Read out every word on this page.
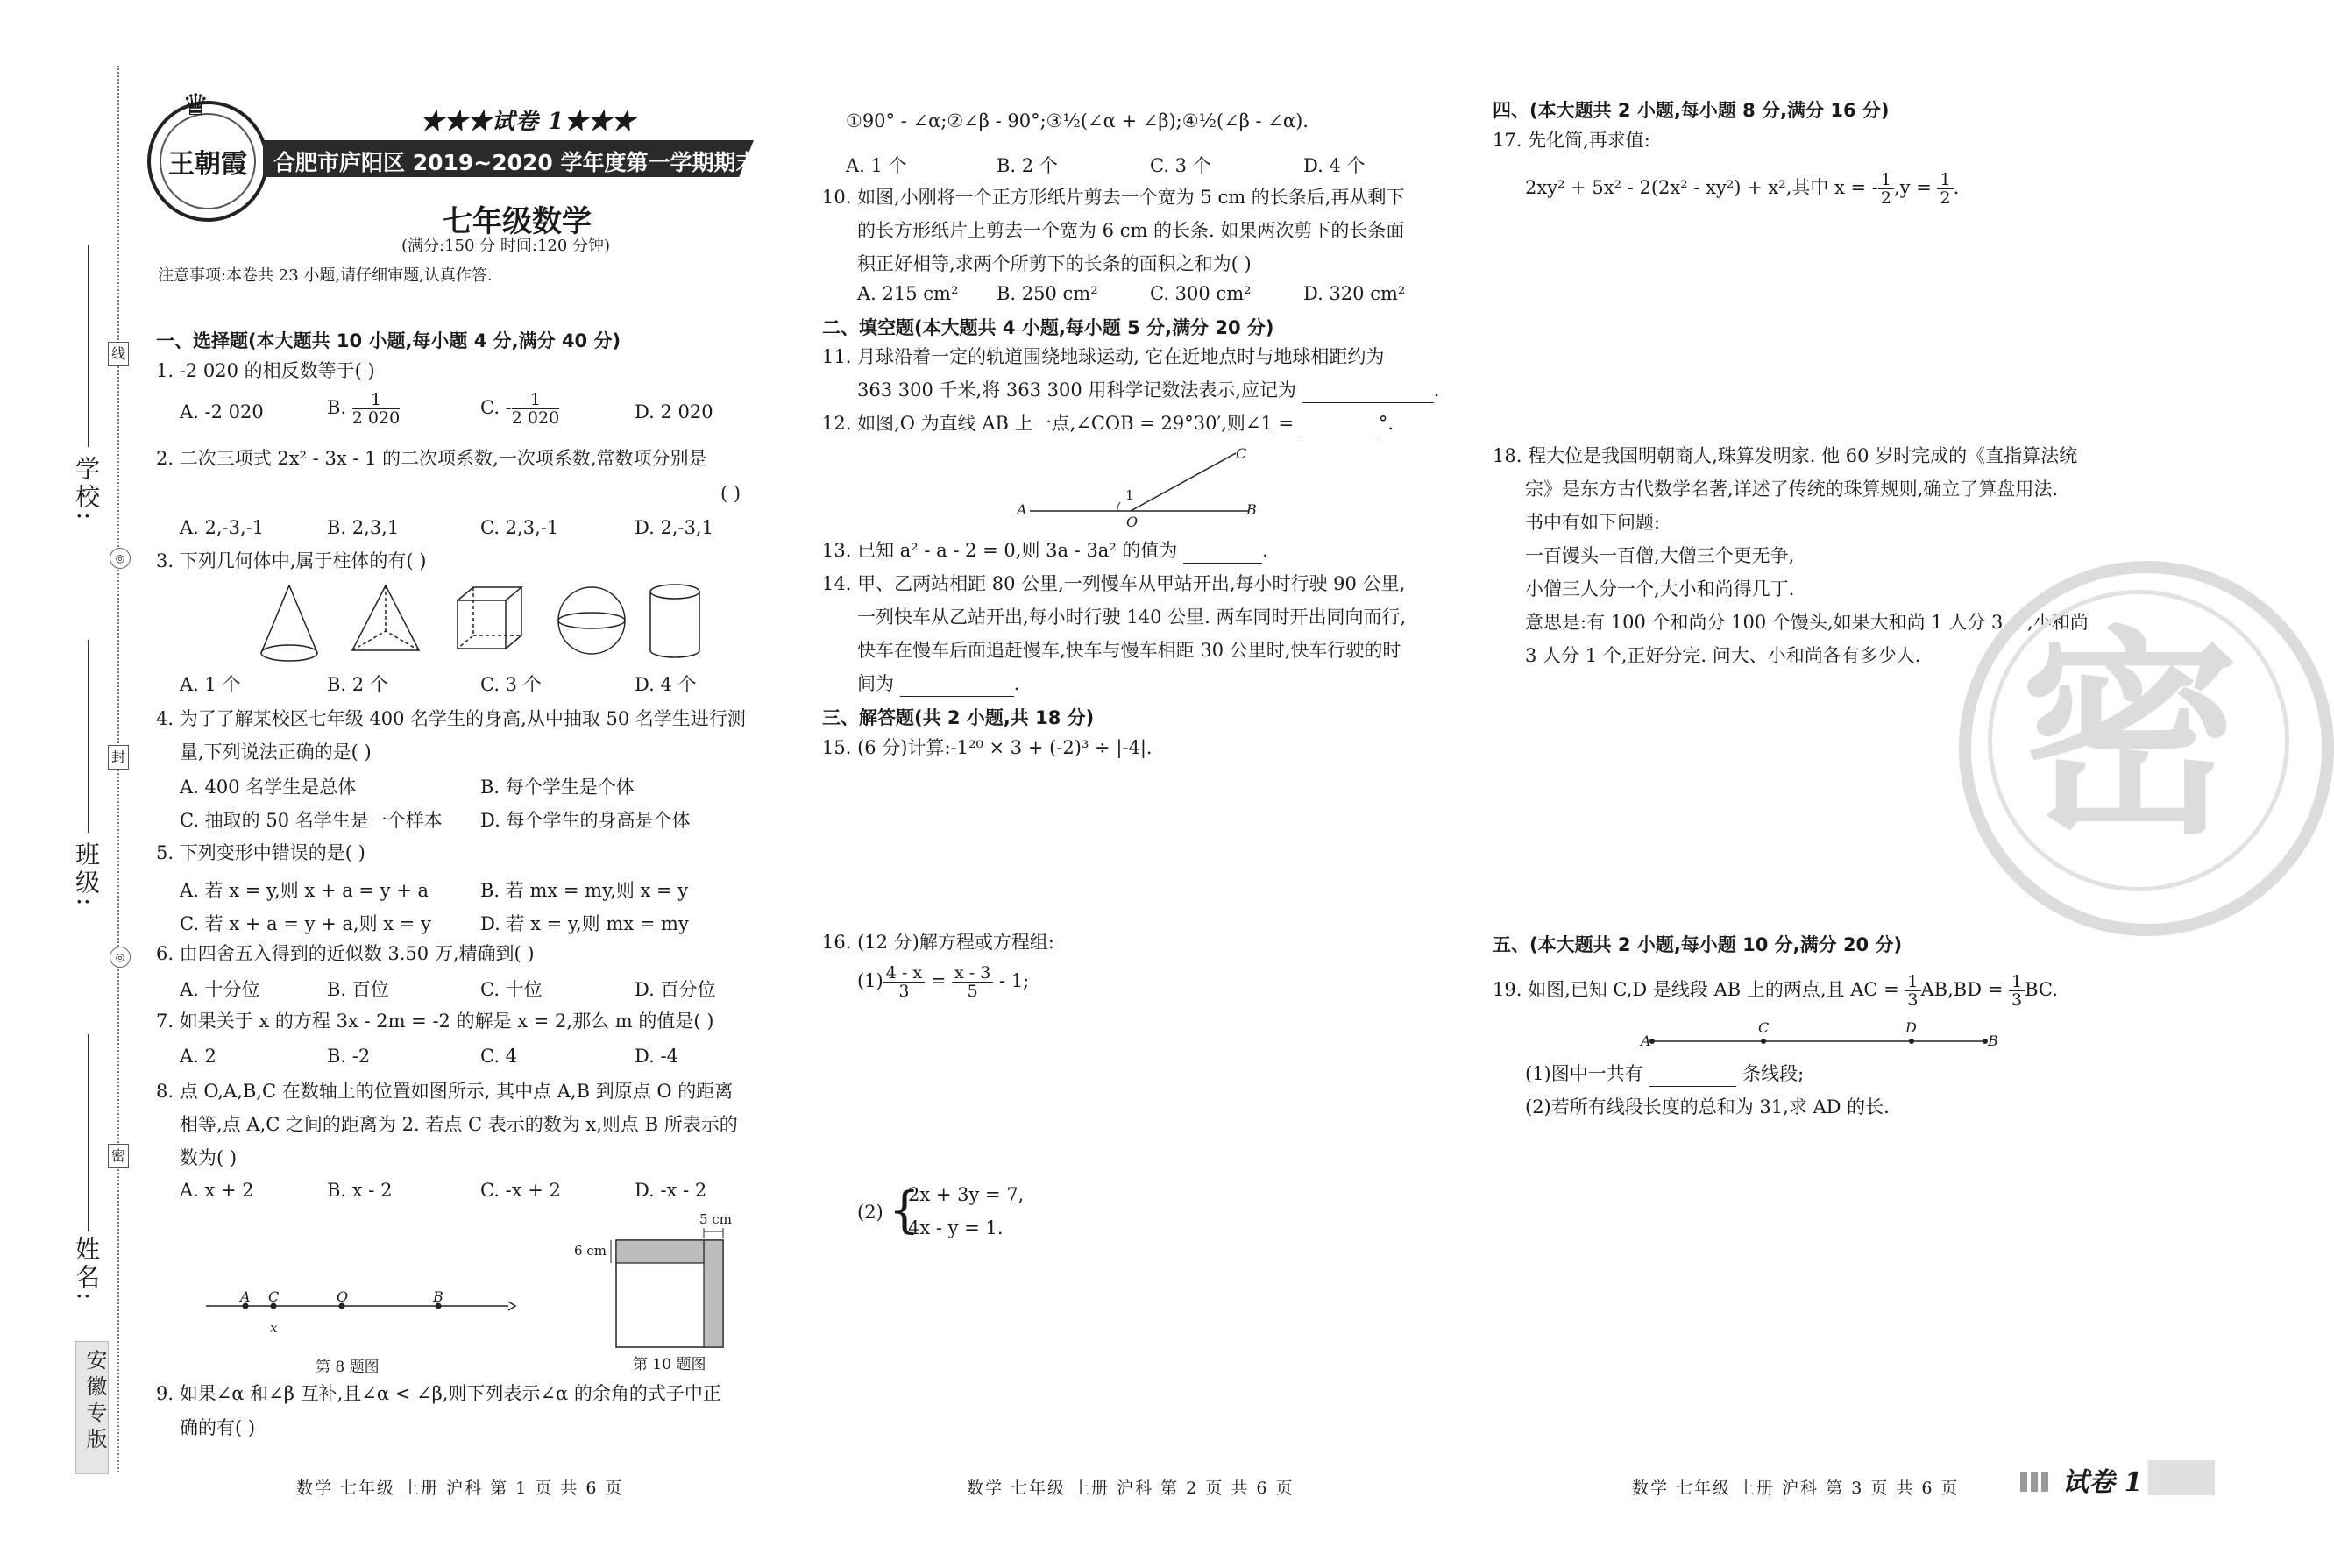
学校:
班级:
姓名:
线
封
密
◎
◎
安徽专版
王朝霞
♛	★★★试卷 1★★★
合肥市庐阳区 2019~2020 学年度第一学期期末考试试卷
七年级数学
(满分:150 分 时间:120 分钟)
注意事项:本卷共 23 小题,请仔细审题,认真作答.
一、选择题(本大题共 10 小题,每小题 4 分,满分 40 分)
1. -2 020 的相反数等于( )
A. -2 020	B. $\frac{1}{2 020}$	C. - $\frac{1}{2 020}$	D. 2 020
2. 二次三项式 2x² - 3x - 1 的二次项系数,一次项系数,常数项分别是
( )
A. 2,-3,-1	B. 2,3,1	C. 2,3,-1	D. 2,-3,1
3. 下列几何体中,属于柱体的有( )
A. 1 个	B. 2 个	C. 3 个	D. 4 个
4. 为了了解某校区七年级 400 名学生的身高,从中抽取 50 名学生进行测
量,下列说法正确的是( )
A. 400 名学生是总体	B. 每个学生是个体
C. 抽取的 50 名学生是一个样本 D. 每个学生的身高是个体
5. 下列变形中错误的是( )
A. 若 x = y,则 x + a = y + a	B. 若 mx = my,则 x = y
C. 若 x + a = y + a,则 x = y	D. 若 x = y,则 mx = my
6. 由四舍五入得到的近似数 3.50 万,精确到( )
A. 十分位	B. 百位	C. 十位	D. 百分位
7. 如果关于 x 的方程 3x - 2m = -2 的解是 x = 2,那么 m 的值是( )
A. 2	B. -2	C. 4	D. -4
8. 点 O,A,B,C 在数轴上的位置如图所示, 其中点 A,B 到原点 O 的距离
相等,点 A,C 之间的距离为 2. 若点 C 表示的数为 x,则点 B 所表示的
数为( )
A. x + 2	B. x - 2	C. -x + 2	D. -x - 2
A C	O	B
x
第 8 题图
5 cm
6 cm
第 10 题图
9. 如果∠α 和∠β 互补,且∠α < ∠β,则下列表示∠α 的余角的式子中正
确的有( )
①90° - ∠α;②∠β - 90°;③½(∠α + ∠β);④½(∠β - ∠α).
A. 1 个	B. 2 个	C. 3 个	D. 4 个
10. 如图,小刚将一个正方形纸片剪去一个宽为 5 cm 的长条后,再从剩下
的长方形纸片上剪去一个宽为 6 cm 的长条. 如果两次剪下的长条面
积正好相等,求两个所剪下的长条的面积之和为( )
A. 215 cm² B. 250 cm²	C. 300 cm²	D. 320 cm²
二、填空题(本大题共 4 小题,每小题 5 分,满分 20 分)
11. 月球沿着一定的轨道围绕地球运动, 它在近地点时与地球相距约为
363 300 千米,将 363 300 用科学记数法表示,应记为	.
12. 如图,O 为直线 AB 上一点,∠COB = 29°30′,则∠1 =	°.
A
O
B
C
1
13. 已知 a² - a - 2 = 0,则 3a - 3a² 的值为	.
14. 甲、乙两站相距 80 公里,一列慢车从甲站开出,每小时行驶 90 公里,
一列快车从乙站开出,每小时行驶 140 公里. 两车同时开出同向而行,
快车在慢车后面追赶慢车,快车与慢车相距 30 公里时,快车行驶的时
间为	.
三、解答题(共 2 小题,共 18 分)
15. (6 分)计算:-1²⁰ × 3 + (-2)³ ÷ |-4|.
16. (12 分)解方程或方程组:
$(1) \frac{4 - x}{3} = \frac{x - 3}{5} - 1$;
(2) {
2x + 3y = 7,
4x - y = 1.
四、(本大题共 2 小题,每小题 8 分,满分 16 分)
17. 先化简,再求值:
2xy² + 5x² - 2(2x² - xy²) + x²,其中 x = - $\frac{1}{2} ,y = \frac{1}{2}$ .
18. 程大位是我国明朝商人,珠算发明家. 他 60 岁时完成的《直指算法统
宗》是东方古代数学名著,详述了传统的珠算规则,确立了算盘用法.
书中有如下问题:
一百馒头一百僧,大僧三个更无争,
小僧三人分一个,大小和尚得几丁.
意思是:有 100 个和尚分 100 个馒头,如果大和尚 1 人分 3 个,小和尚
3 人分 1 个,正好分完. 问大、小和尚各有多少人. 密
五、(本大题共 2 小题,每小题 10 分,满分 20 分)
19. 如图,已知 C,D 是线段 AB 上的两点,且 AC = $\frac{1}{3} AB,BD = \frac{1}{3}$ BC.
A
C	D
B
(1)图中一共有	条线段;
(2)若所有线段长度的总和为 31,求 AD 的长.
数学 七年级 上册 沪科 第 1 页 共 6 页	数学 七年级 上册 沪科 第 2 页 共 6 页	数学 七年级 上册 沪科 第 3 页 共 6 页	试卷 1
